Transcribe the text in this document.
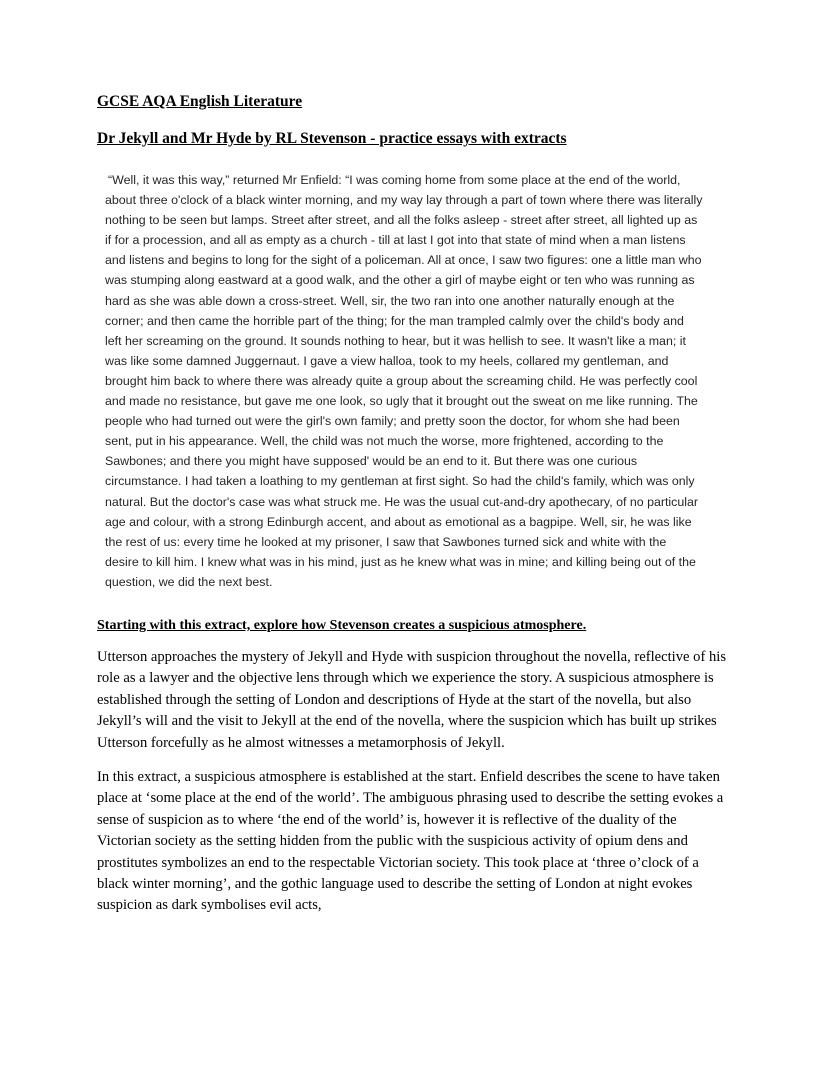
GCSE AQA English Literature
Dr Jekyll and Mr Hyde by RL Stevenson - practice essays with extracts

“Well, it was this way,” returned Mr Enfield: “I was coming home from some place at the end of the world, about three o'clock of a black winter morning, and my way lay through a part of town where there was literally nothing to be seen but lamps. Street after street, and all the folks asleep - street after street, all lighted up as if for a procession, and all as empty as a church - till at last I got into that state of mind when a man listens and listens and begins to long for the sight of a policeman. All at once, I saw two figures: one a little man who was stumping along eastward at a good walk, and the other a girl of maybe eight or ten who was running as hard as she was able down a cross-street. Well, sir, the two ran into one another naturally enough at the corner; and then came the horrible part of the thing; for the man trampled calmly over the child's body and left her screaming on the ground. It sounds nothing to hear, but it was hellish to see. It wasn't like a man; it was like some damned Juggernaut. I gave a view halloa, took to my heels, collared my gentleman, and brought him back to where there was already quite a group about the screaming child. He was perfectly cool and made no resistance, but gave me one look, so ugly that it brought out the sweat on me like running. The people who had turned out were the girl's own family; and pretty soon the doctor, for whom she had been sent, put in his appearance. Well, the child was not much the worse, more frightened, according to the Sawbones; and there you might have supposed' would be an end to it. But there was one curious circumstance. I had taken a loathing to my gentleman at first sight. So had the child's family, which was only natural. But the doctor's case was what struck me. He was the usual cut-and-dry apothecary, of no particular age and colour, with a strong Edinburgh accent, and about as emotional as a bagpipe. Well, sir, he was like the rest of us: every time he looked at my prisoner, I saw that Sawbones turned sick and white with the desire to kill him. I knew what was in his mind, just as he knew what was in mine; and killing being out of the question, we did the next best.

Starting with this extract, explore how Stevenson creates a suspicious atmosphere.

Utterson approaches the mystery of Jekyll and Hyde with suspicion throughout the novella, reflective of his role as a lawyer and the objective lens through which we experience the story. A suspicious atmosphere is established through the setting of London and descriptions of Hyde at the start of the novella, but also Jekyll’s will and the visit to Jekyll at the end of the novella, where the suspicion which has built up strikes Utterson forcefully as he almost witnesses a metamorphosis of Jekyll.

In this extract, a suspicious atmosphere is established at the start. Enfield describes the scene to have taken place at ‘some place at the end of the world’. The ambiguous phrasing used to describe the setting evokes a sense of suspicion as to where ‘the end of the world’ is, however it is reflective of the duality of the Victorian society as the setting hidden from the public with the suspicious activity of opium dens and prostitutes symbolizes an end to the respectable Victorian society. This took place at ‘three o’clock of a black winter morning’, and the gothic language used to describe the setting of London at night evokes suspicion as dark symbolises evil acts,
